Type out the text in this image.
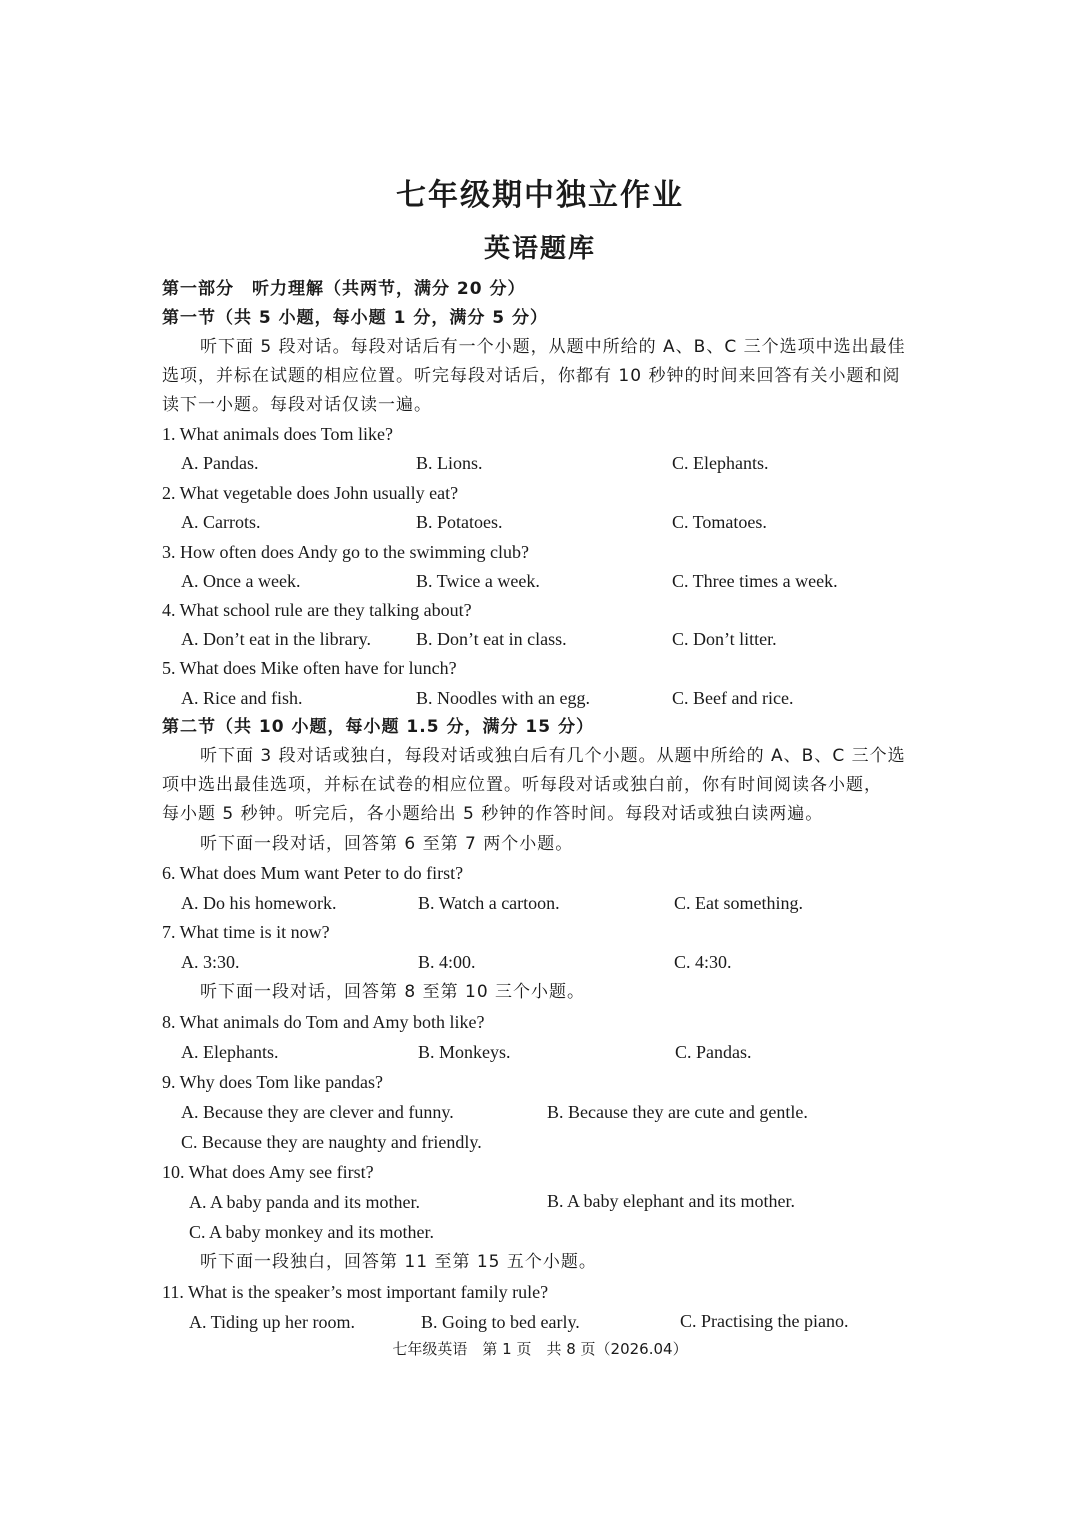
七年级期中独立作业
英语题库
第一部分　听力理解（共两节，满分 20 分）
第一节（共 5 小题，每小题 1 分，满分 5 分）
听下面 5 段对话。每段对话后有一个小题，从题中所给的 A、B、C 三个选项中选出最佳
选项，并标在试题的相应位置。听完每段对话后，你都有 10 秒钟的时间来回答有关小题和阅
读下一小题。每段对话仅读一遍。
1. What animals does Tom like?
A. Pandas.	B. Lions.	C. Elephants.
2. What vegetable does John usually eat?
A. Carrots.	B. Potatoes.	C. Tomatoes.
3. How often does Andy go to the swimming club?
A. Once a week.	B. Twice a week.	C. Three times a week.
4. What school rule are they talking about?
A. Don’t eat in the library.	B. Don’t eat in class.	C. Don’t litter.
5. What does Mike often have for lunch?
A. Rice and fish.	B. Noodles with an egg.	C. Beef and rice.
第二节（共 10 小题，每小题 1.5 分，满分 15 分）
听下面 3 段对话或独白，每段对话或独白后有几个小题。从题中所给的 A、B、C 三个选
项中选出最佳选项，并标在试卷的相应位置。听每段对话或独白前，你有时间阅读各小题，
每小题 5 秒钟。听完后，各小题给出 5 秒钟的作答时间。每段对话或独白读两遍。
听下面一段对话，回答第 6 至第 7 两个小题。
6. What does Mum want Peter to do first?
A. Do his homework.	B. Watch a cartoon.	C. Eat something.
7. What time is it now?
A. 3:30.	B. 4:00.	C. 4:30.
听下面一段对话，回答第 8 至第 10 三个小题。
8. What animals do Tom and Amy both like?
A. Elephants.	B. Monkeys.	C. Pandas.
9. Why does Tom like pandas?
A. Because they are clever and funny.	B. Because they are cute and gentle.
C. Because they are naughty and friendly.
10. What does Amy see first?
A. A baby panda and its mother.	B. A baby elephant and its mother.
C. A baby monkey and its mother.
听下面一段独白，回答第 11 至第 15 五个小题。
11. What is the speaker’s most important family rule?
A. Tiding up her room.	B. Going to bed early.	C. Practising the piano.
七年级英语　第 1 页　共 8 页（2026.04）
